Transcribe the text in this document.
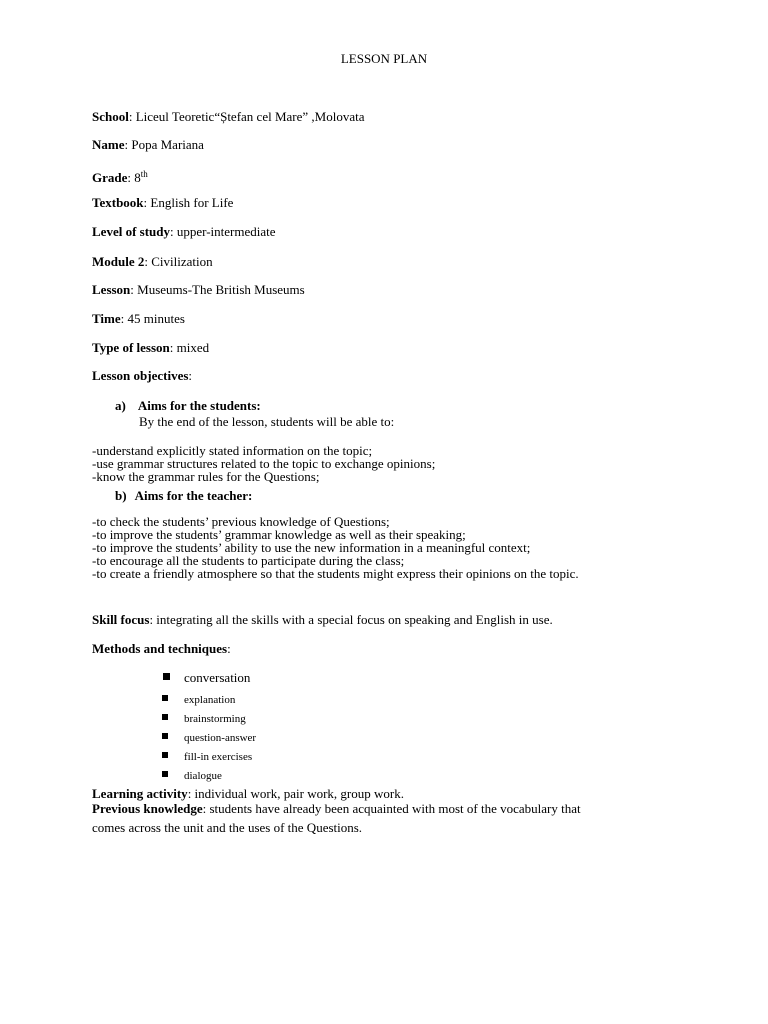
LESSON PLAN
School: Liceul Teoretic“Ștefan cel Mare” ,Molovata
Name: Popa Mariana
Grade: 8th
Textbook: English for Life
Level of study: upper-intermediate
Module 2: Civilization
Lesson: Museums-The British Museums
Time: 45 minutes
Type of lesson: mixed
Lesson objectives:
a) Aims for the students:
By the end of the lesson, students will be able to:
-understand explicitly stated information on the topic;
-use grammar structures related to the topic to exchange opinions;
-know the grammar rules for the Questions;
b) Aims for the teacher:
-to check the students’ previous knowledge of Questions;
-to improve the students’ grammar knowledge as well as their speaking;
-to improve the students’ ability to use the new information in a meaningful context;
-to encourage all the students to participate during the class;
-to create a friendly atmosphere so that the students might express their opinions on the topic.
Skill focus: integrating all the skills with a special focus on speaking and English in use.
Methods and techniques:
conversation
explanation
brainstorming
question-answer
fill-in exercises
dialogue
Learning activity: individual work, pair work, group work.
Previous knowledge: students have already been acquainted with most of the vocabulary that
comes across the unit and the uses of the Questions.
